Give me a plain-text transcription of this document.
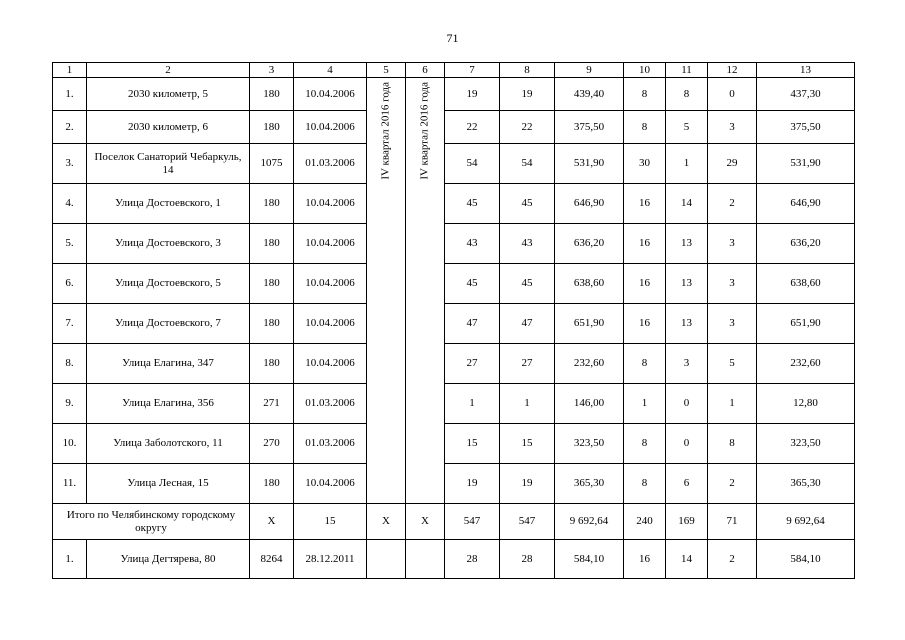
71
1	2	3	4	5	6	7	8	9	10	11	12	13
1.	2030 километр, 5	180	10.04.2006	IV квартал 2016 года	IV квартал 2016 года	19	19	439,40	8	8	0	437,30
2.	2030 километр, 6	180	10.04.2006			22	22	375,50	8	5	3	375,50
3.	Поселок Санаторий Чебаркуль, 14	1075	01.03.2006			54	54	531,90	30	1	29	531,90
4.	Улица Достоевского, 1	180	10.04.2006			45	45	646,90	16	14	2	646,90
5.	Улица Достоевского, 3	180	10.04.2006			43	43	636,20	16	13	3	636,20
6.	Улица Достоевского, 5	180	10.04.2006			45	45	638,60	16	13	3	638,60
7.	Улица Достоевского, 7	180	10.04.2006			47	47	651,90	16	13	3	651,90
8.	Улица Елагина, 347	180	10.04.2006			27	27	232,60	8	3	5	232,60
9.	Улица Елагина, 356	271	01.03.2006			1	1	146,00	1	0	1	12,80
10.	Улица Заболотского, 11	270	01.03.2006			15	15	323,50	8	0	8	323,50
11.	Улица Лесная, 15	180	10.04.2006			19	19	365,30	8	6	2	365,30
Итого по Челябинскому городскому округу		X	15	X	X	547	547	9 692,64	240	169	71	9 692,64
1.	Улица Дегтярева, 80	8264	28.12.2011			28	28	584,10	16	14	2	584,10
